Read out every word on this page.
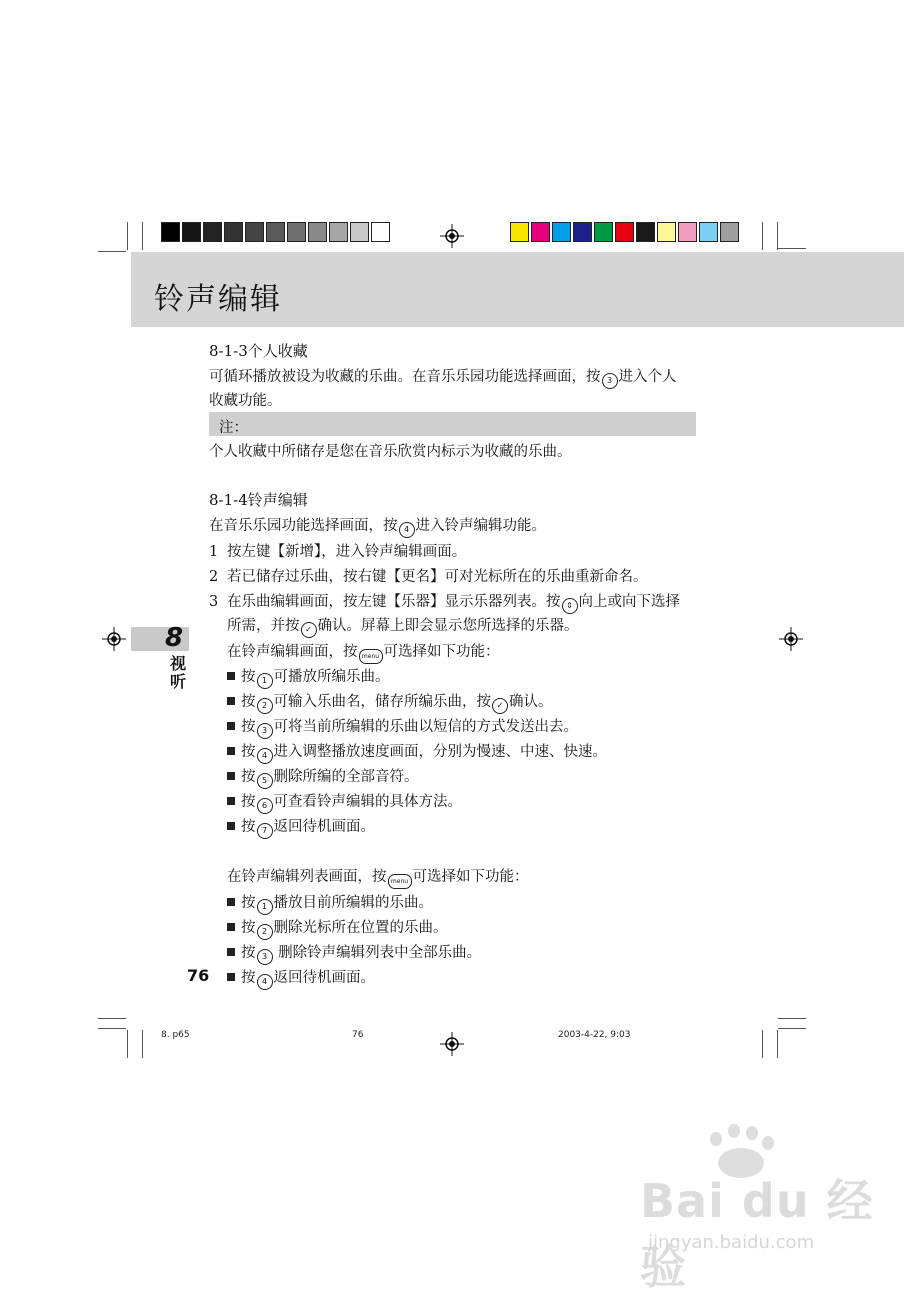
铃声编辑
8
视听
8-1-3个人收藏
可循环播放被设为收藏的乐曲。在音乐乐园功能选择画面，按 3 进入个人
收藏功能。
注：
个人收藏中所储存是您在音乐欣赏内标示为收藏的乐曲。
8-1-4铃声编辑
在音乐乐园功能选择画面，按 4 进入铃声编辑功能。
1 按左键【新增】，进入铃声编辑画面。
2 若已储存过乐曲，按右键【更名】可对光标所在的乐曲重新命名。
3 在乐曲编辑画面，按左键【乐器】显示乐器列表。按 ⇕ 向上或向下选择
所需，并按 ✓ 确认。屏幕上即会显示您所选择的乐器。
在铃声编辑画面，按 menu 可选择如下功能：
按 1 可播放所编乐曲。
按 2 可输入乐曲名，储存所编乐曲，按 ✓ 确认。
按 3 可将当前所编辑的乐曲以短信的方式发送出去。
按 4 进入调整播放速度画面，分别为慢速、中速、快速。
按 5 删除所编的全部音符。
按 6 可查看铃声编辑的具体方法。
按 7 返回待机画面。
在铃声编辑列表画面，按 menu 可选择如下功能：
按 1 播放目前所编辑的乐曲。
按 2 删除光标所在位置的乐曲。
按 3 删除铃声编辑列表中全部乐曲。
按 4 返回待机画面。
76
8. p65	76	2003-4-22, 9:03
Bai du 经验
jingyan.baidu.com
